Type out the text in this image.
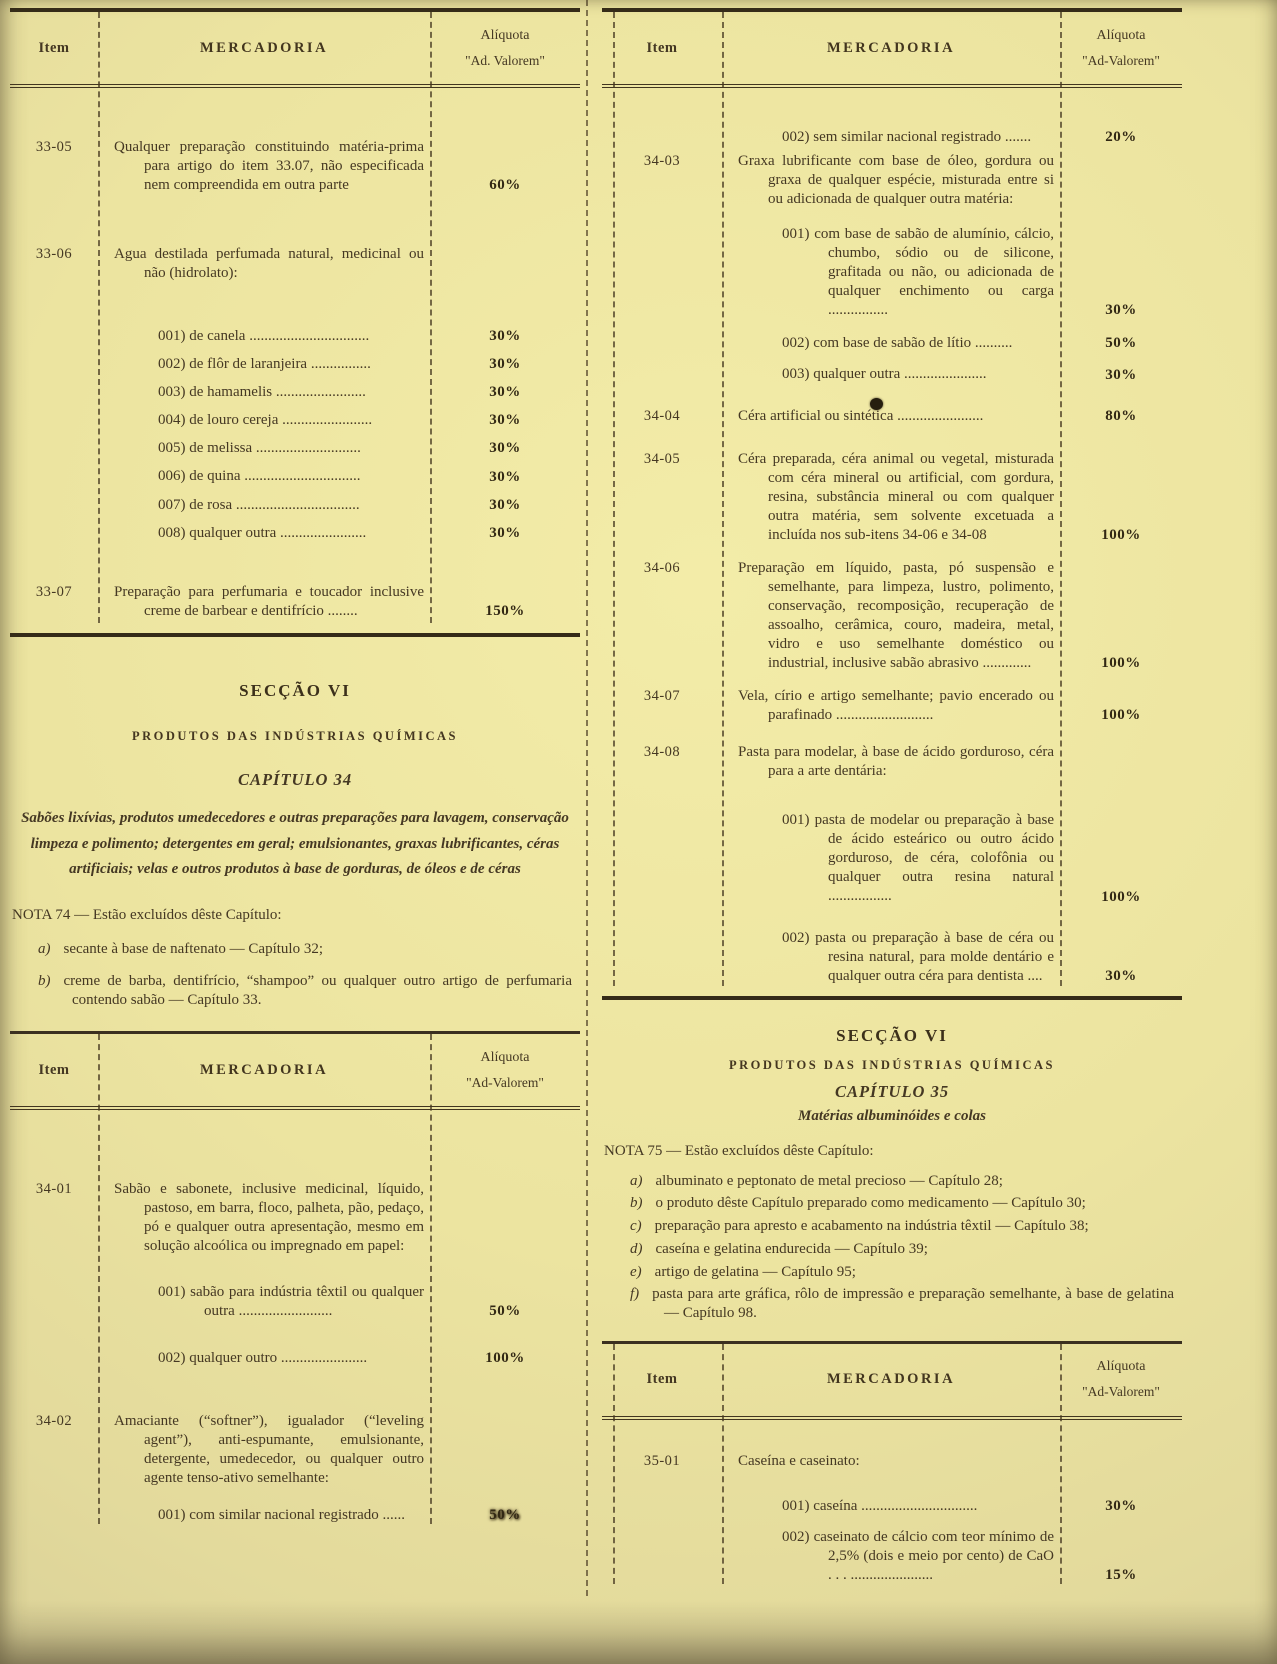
Item	MERCADORIA
Alíquota
"Ad. Valorem"
33-05	Qualquer preparação constituindo matéria-prima para artigo do item 33.07, não especificada nem compreendida em outra parte	60%
33-06	Agua destilada perfumada natural, medicinal ou não (hidrolato):
001) de canela ................................	30%
002) de flôr de laranjeira ................	30%
003) de hamamelis ........................	30%
004) de louro cereja ........................	30%
005) de melissa ............................	30%
006) de quina ...............................	30%
007) de rosa .................................	30%
008) qualquer outra .......................	30%
33-07	Preparação para perfumaria e toucador inclusive creme de barbear e dentifrício ........	150%
SECÇÃO VI
PRODUTOS DAS INDÚSTRIAS QUÍMICAS
CAPÍTULO 34

Sabões lixívias, produtos umedecedores e outras preparações para lavagem, conservação limpeza e polimento; detergentes em geral; emulsionantes, graxas lubrificantes, céras artificiais; velas e outros produtos à base de gorduras, de óleos e de céras

NOTA 74 — Estão excluídos dêste Capítulo:

a) secante à base de naftenato — Capítulo 32;
b) creme de barba, dentifrício, “shampoo” ou qualquer outro artigo de perfumaria contendo sabão — Capítulo 33.
Item	MERCADORIA
Alíquota
"Ad-Valorem"
34-01	Sabão e sabonete, inclusive medicinal, líquido, pastoso, em barra, floco, palheta, pão, pedaço, pó e qualquer outra apresentação, mesmo em solução alcoólica ou impregnado em papel:
001) sabão para indústria têxtil ou qualquer outra .........................	50%
002) qualquer outro .......................	100%
34-02	Amaciante (“softner”), igualador (“leveling agent”), anti-espumante, emulsionante, detergente, umedecedor, ou qualquer outro agente tenso-ativo semelhante:
001) com similar nacional registrado ......	50%
Item	MERCADORIA
Alíquota
"Ad-Valorem"
002) sem similar nacional registrado .......	20%
34-03	Graxa lubrificante com base de óleo, gordura ou graxa de qualquer espécie, misturada entre si ou adicionada de qualquer outra matéria:
001) com base de sabão de alumínio, cálcio, chumbo, sódio ou de silicone, grafitada ou não, ou adicionada de qualquer enchimento ou carga ................	30%
002) com base de sabão de lítio ..........	50%
003) qualquer outra ......................	30%
34-04	Céra artificial ou sintética .......................	80%
34-05	Céra preparada, céra animal ou vegetal, misturada com céra mineral ou artificial, com gordura, resina, substância mineral ou com qualquer outra matéria, sem solvente excetuada a incluída nos sub-itens 34-06 e 34-08	100%
34-06	Preparação em líquido, pasta, pó suspensão e semelhante, para limpeza, lustro, polimento, conservação, recomposição, recuperação de assoalho, cerâmica, couro, madeira, metal, vidro e uso semelhante doméstico ou industrial, inclusive sabão abrasivo .............	100%
34-07	Vela, círio e artigo semelhante; pavio encerado ou parafinado ..........................	100%
34-08	Pasta para modelar, à base de ácido gorduroso, céra para a arte dentária:
001) pasta de modelar ou preparação à base de ácido esteárico ou outro ácido gorduroso, de céra, colofônia ou qualquer outra resina natural .................	100%
002) pasta ou preparação à base de céra ou resina natural, para molde dentário e qualquer outra céra para dentista ....	30%
SECÇÃO VI
PRODUTOS DAS INDÚSTRIAS QUÍMICAS
CAPÍTULO 35
Matérias albuminóides e colas

NOTA 75 — Estão excluídos dêste Capítulo:

a) albuminato e peptonato de metal precioso — Capítulo 28;
b) o produto dêste Capítulo preparado como medicamento — Capítulo 30;
c) preparação para apresto e acabamento na indústria têxtil — Capítulo 38;
d) caseína e gelatina endurecida — Capítulo 39;
e) artigo de gelatina — Capítulo 95;
f) pasta para arte gráfica, rôlo de impressão e preparação semelhante, à base de gelatina — Capítulo 98.
Item	MERCADORIA
Alíquota
"Ad-Valorem"
35-01	Caseína e caseinato:
001) caseína ...............................	30%
002) caseinato de cálcio com teor mínimo de 2,5% (dois e meio por cento) de CaO . . . ......................	15%
